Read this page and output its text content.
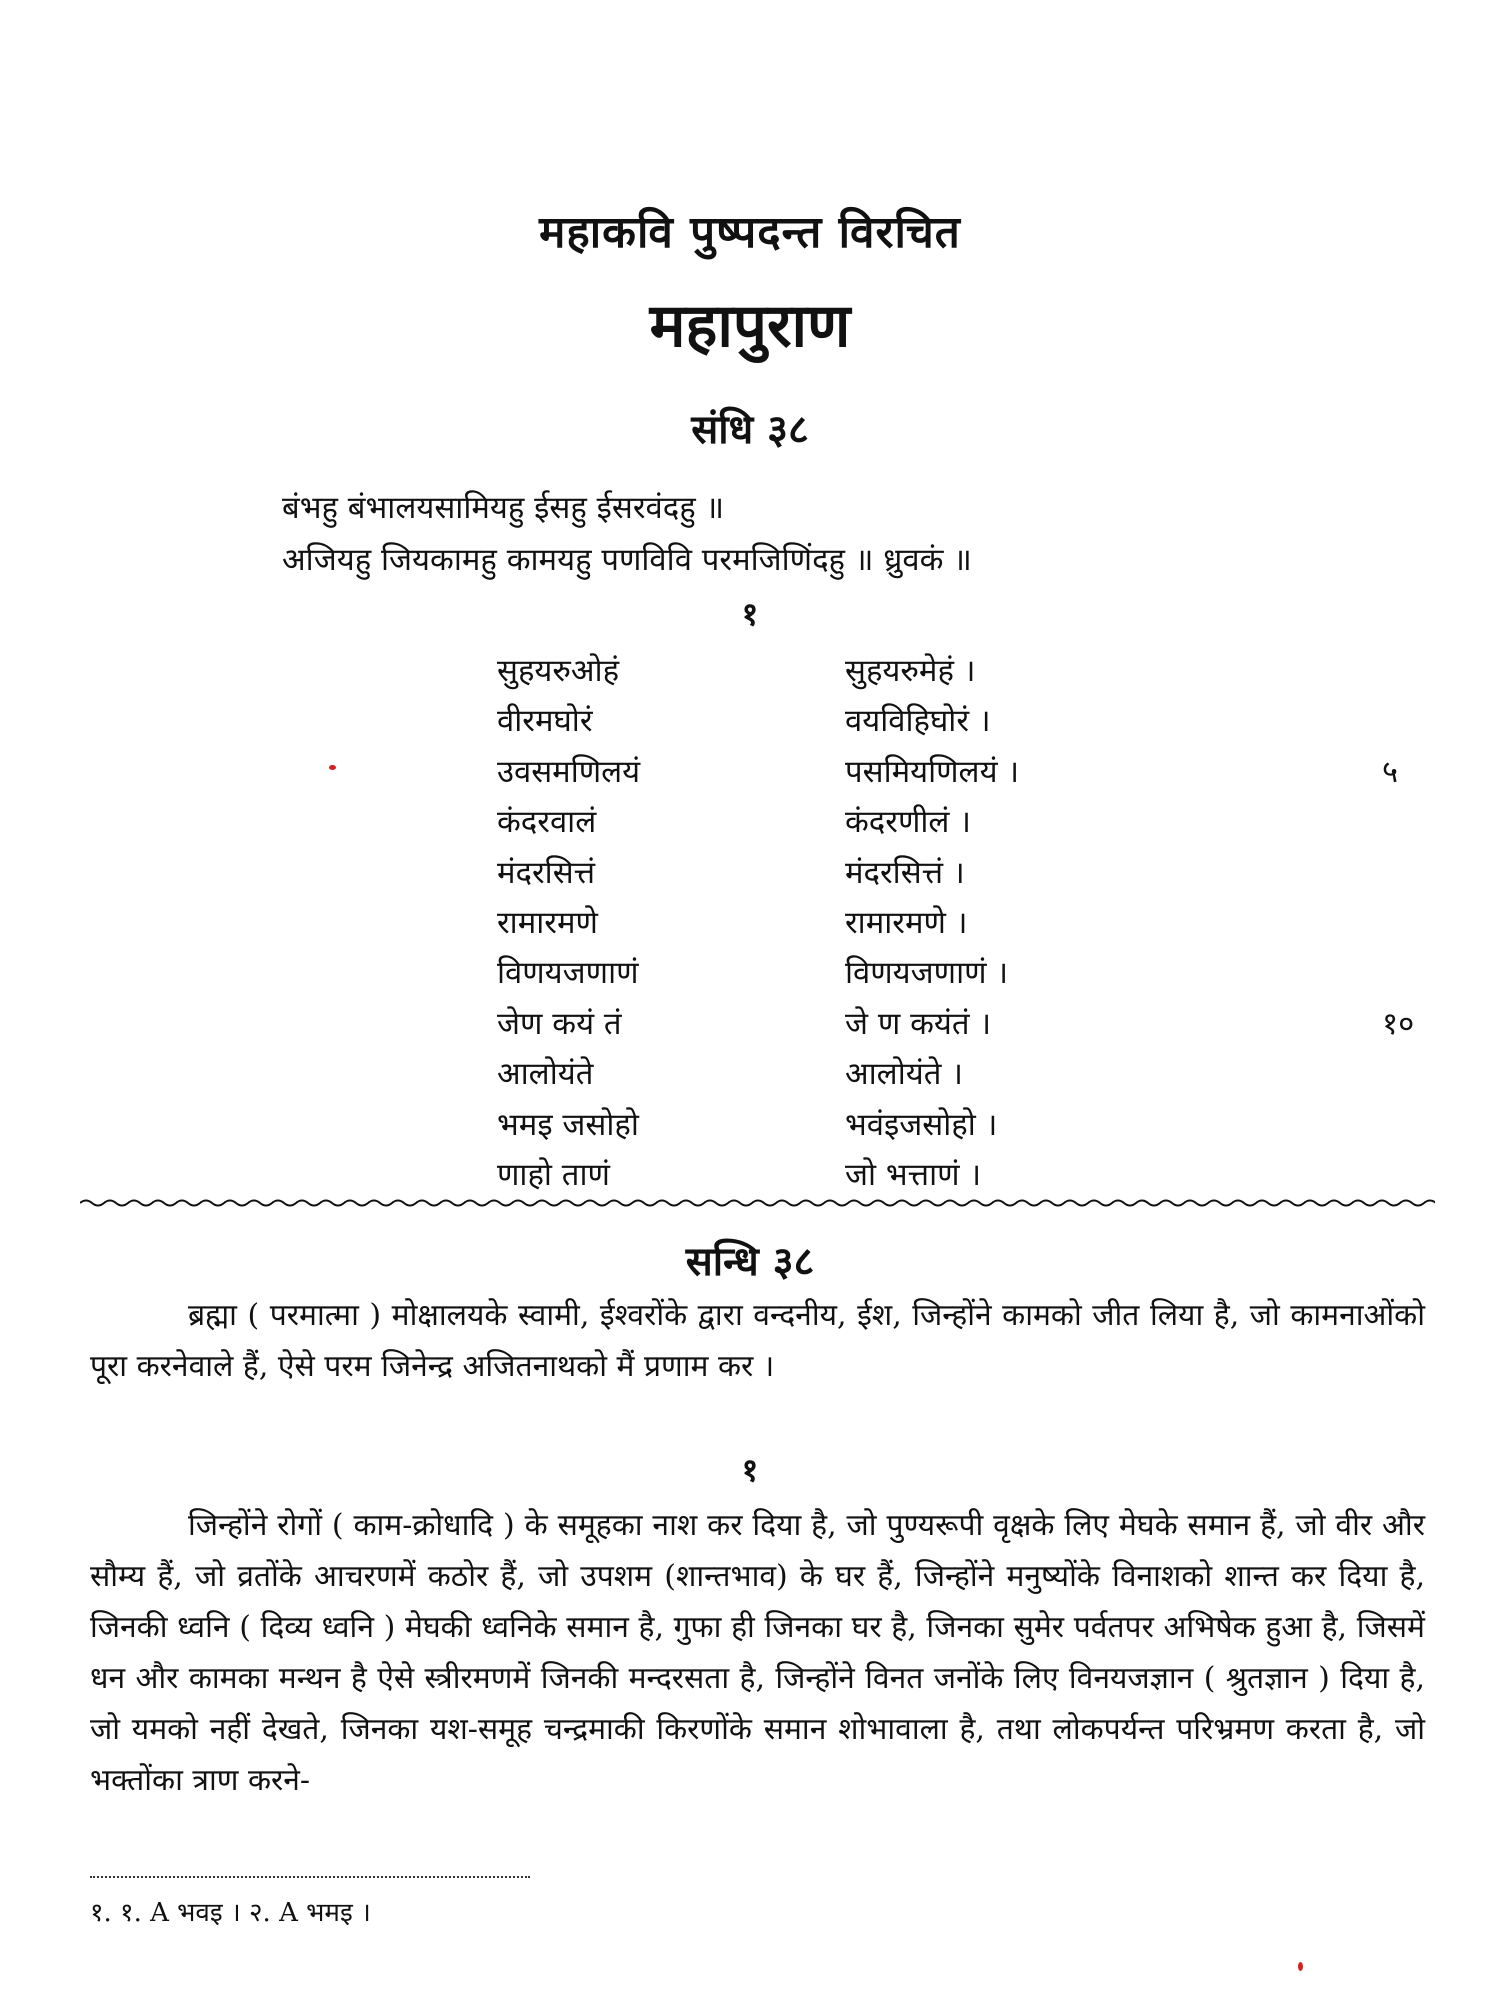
महाकवि पुष्पदन्त विरचित
महापुराण
संधि ३८
बंभहु बंभालयसामियहु ईसहु ईसरवंदहु ॥
अजियहु जियकामहु कामयहु पणविवि परमजिणिंदहु ॥ ध्रुवकं ॥
१
सुहयरुओहं	सुहयरुमेहं ।
वीरमघोरं	वयविहिघोरं ।
उवसमणिलयं	पसमियणिलयं ।	५
कंदरवालं	कंदरणीलं ।
मंदरसित्तं	मंदरसित्तं ।
रामारमणे	रामारमणे ।
विणयजणाणं	विणयजणाणं ।
जेण कयं तं	जे ण कयंतं ।	१०
आलोयंते	आलोयंते ।
भमइ जसोहो	भवंइजसोहो ।
णाहो ताणं	जो भत्ताणं ।
सन्धि ३८

ब्रह्मा ( परमात्मा ) मोक्षालयके स्वामी, ईश्वरोंके द्वारा वन्दनीय, ईश, जिन्होंने कामको जीत लिया है, जो कामनाओंको पूरा करनेवाले हैं, ऐसे परम जिनेन्द्र अजितनाथको मैं प्रणाम कर ।

१

जिन्होंने रोगों ( काम-क्रोधादि ) के समूहका नाश कर दिया है, जो पुण्यरूपी वृक्षके लिए मेघके समान हैं, जो वीर और सौम्य हैं, जो व्रतोंके आचरणमें कठोर हैं, जो उपशम (शान्तभाव) के घर हैं, जिन्होंने मनुष्योंके विनाशको शान्त कर दिया है, जिनकी ध्वनि ( दिव्य ध्वनि ) मेघकी ध्वनिके समान है, गुफा ही जिनका घर है, जिनका सुमेर पर्वतपर अभिषेक हुआ है, जिसमें धन और कामका मन्थन है ऐसे स्त्रीरमणमें जिनकी मन्दरसता है, जिन्होंने विनत जनोंके लिए विनयजज्ञान ( श्रुतज्ञान ) दिया है, जो यमको नहीं देखते, जिनका यश-समूह चन्द्रमाकी किरणोंके समान शोभावाला है, तथा लोकपर्यन्त परिभ्रमण करता है, जो भक्तोंका त्राण करने-

१. १. A भवइ । २. A भमइ ।
